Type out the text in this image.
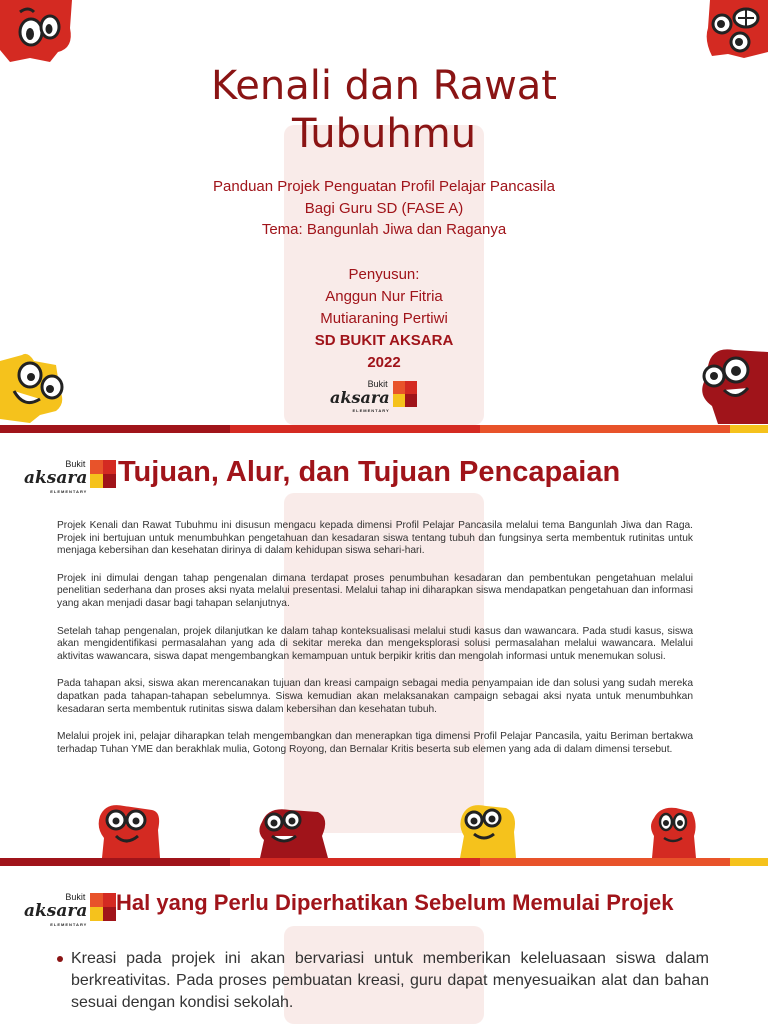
Kenali dan Rawat
Tubuhmu
Panduan Projek Penguatan Profil Pelajar Pancasila
Bagi Guru SD (FASE A)
Tema: Bangunlah Jiwa dan Raganya
Penyusun:
Anggun Nur Fitria
Mutiaraning Pertiwi
SD BUKIT AKSARA
2022
aksara
Bukit
ELEMENTARY
aksara
Bukit
ELEMENTARY
Tujuan, Alur, dan Tujuan Pencapaian

Projek Kenali dan Rawat Tubuhmu ini disusun mengacu kepada dimensi Profil Pelajar Pancasila melalui tema Bangunlah Jiwa dan Raga. Projek ini bertujuan untuk menumbuhkan pengetahuan dan kesadaran siswa tentang tubuh dan fungsinya serta membentuk rutinitas untuk menjaga kebersihan dan kesehatan dirinya di dalam kehidupan siswa sehari-hari.

Projek ini dimulai dengan tahap pengenalan dimana terdapat proses penumbuhan kesadaran dan pembentukan pengetahuan melalui penelitian sederhana dan proses aksi nyata melalui presentasi. Melalui tahap ini diharapkan siswa mendapatkan pengetahuan dan informasi yang akan menjadi dasar bagi tahapan selanjutnya.

Setelah tahap pengenalan, projek dilanjutkan ke dalam tahap konteksualisasi melalui studi kasus dan wawancara. Pada studi kasus, siswa akan mengidentifikasi permasalahan yang ada di sekitar mereka dan mengeksplorasi solusi permasalahan melalui wawancara. Melalui aktivitas wawancara, siswa dapat mengembangkan kemampuan untuk berpikir kritis dan mengolah informasi untuk menemukan solusi.

Pada tahapan aksi, siswa akan merencanakan tujuan dan kreasi campaign sebagai media penyampaian ide dan solusi yang sudah mereka dapatkan pada tahapan-tahapan sebelumnya. Siswa kemudian akan melaksanakan campaign sebagai aksi nyata untuk menumbuhkan kesadaran serta membentuk rutinitas siswa dalam kebersihan dan kesehatan tubuh.

Melalui projek ini, pelajar diharapkan telah mengembangkan dan menerapkan tiga dimensi Profil Pelajar Pancasila, yaitu Beriman bertakwa terhadap Tuhan YME dan berakhlak mulia, Gotong Royong, dan Bernalar Kritis beserta sub elemen yang ada di dalam dimensi tersebut.

aksara
Bukit
ELEMENTARY
Hal yang Perlu Diperhatikan Sebelum Memulai Projek
Kreasi pada projek ini akan bervariasi untuk memberikan keleluasaan siswa dalam berkreativitas. Pada proses pembuatan kreasi, guru dapat menyesuaikan alat dan bahan sesuai dengan kondisi sekolah.
